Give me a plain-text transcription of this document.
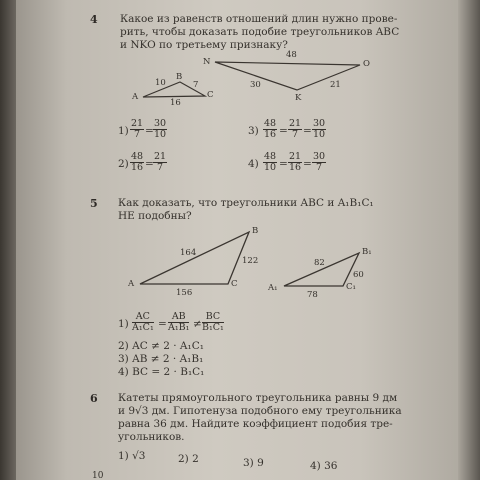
4 Какое из равенств отношений длин нужно прове-
рить, чтобы доказать подобие треугольников ABC
и NKO по третьему признаку?
A
B
C
10	7
16
N
K
O
48
30	21
$1) \frac{21}{7} = \frac{30}{10}$
$2) \frac{48}{16} = \frac{21}{7}$
$3) \frac{48}{16} = \frac{21}{7} = \frac{30}{10}$
$4) \frac{48}{10} = \frac{21}{16} = \frac{30}{7}$
5 Как доказать, что треугольники ABC и A₁B₁C₁
НЕ подобны?
A
B
C
164
122
156	A₁
B₁
C₁
82
60
78
$1) \frac{AC}{\text{A₁C₁}} = \frac{AB}{\text{A₁B₁}} \ne \frac{BC}{\text{B₁C₁}}$
2) AC ≠ 2 · A₁C₁
3) AB ≠ 2 · A₁B₁
4) BC = 2 · B₁C₁
6 Катеты прямоугольного треугольника равны 9 дм
и 9√3 дм. Гипотенуза подобного ему треугольника
равна 36 дм. Найдите коэффициент подобия тре-
угольников.
1) √3	2) 2	3) 9	4) 36
10
